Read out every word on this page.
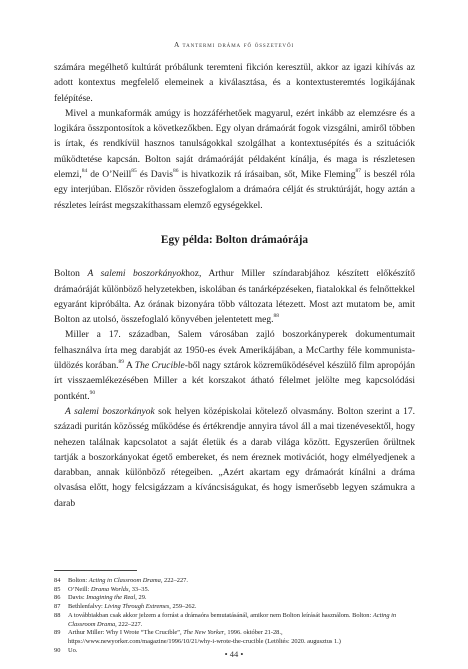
A tantermi dráma fő összetevői

számára megélhető kultúrát próbálunk teremteni fikción keresztül, akkor az igazi kihívás az adott kontextus megfelelő elemeinek a kiválasztása, és a kontextusteremtés logikájának felépítése.

Mivel a munkaformák amúgy is hozzáférhetőek magyarul, ezért inkább az elemzésre és a logikára összpontosítok a következőkben. Egy olyan drámaórát fogok vizsgálni, amiről többen is írtak, és rendkívül hasznos tanulságokkal szolgálhat a kontextusépítés és a szituációk működtetése kapcsán. Bolton saját drámaóráját példaként kínálja, és maga is részletesen elemzi,$^{84}$ de O’Neill$^{85}$ és Davis$^{86}$ is hivatkozik rá írásaiban, sőt, Mike Fleming$^{87}$ is beszél róla egy interjúban. Először röviden összefoglalom a drámaóra célját és struktúráját, hogy aztán a részletes leírást megszakíthassam elemző egységekkel.

Egy példa: Bolton drámaórája

Bolton A salemi boszorkányokhoz, Arthur Miller színdarabjához készített előkészítő drámaóráját különböző helyzetekben, iskolában és tanárképzéseken, fiatalokkal és felnőttekkel egyaránt kipróbálta. Az órának bizonyára több változata létezett. Most azt mutatom be, amit Bolton az utolsó, összefoglaló könyvében jelentetett meg.$^{88}$

Miller a 17. században, Salem városában zajló boszorkányperek dokumentumait felhasználva írta meg darabját az 1950-es évek Amerikájában, a McCarthy féle kommunista-üldözés korában.$^{89}$ A The Crucible-ből nagy sztárok közreműködésével készülő film apropóján írt visszaemlékezésében Miller a két korszakot átható félelmet jelölte meg kapcsolódási pontként.$^{90}$

A salemi boszorkányok sok helyen középiskolai kötelező olvasmány. Bolton szerint a 17. századi puritán közösség működése és értékrendje annyira távol áll a mai tizenévesektől, hogy nehezen találnak kapcsolatot a saját életük és a darab világa között. Egyszerűen őrültnek tartják a boszorkányokat égető embereket, és nem éreznek motivációt, hogy elmélyedjenek a darabban, annak különböző rétegeiben. „Azért akartam egy drámaórát kínálni a dráma olvasása előtt, hogy felcsigázzam a kíváncsiságukat, és hogy ismerősebb legyen számukra a darab

84	Bolton: Acting in Classroom Drama, 222–227.
85	O’Neill: Drama Worlds, 33–35.
86	Davis: Imagining the Real, 29.
87	Bethlenfalvy: Living Through Extremes, 259–262.
88	A továbbiakban csak akkor jelzem a forrást a drámaóra bemutatásánál, amikor nem Bolton leírását használom. Bolton: Acting in Classroom Drama, 222–227.
89	Arthur Miller: Why I Wrote “The Crucible”, The New Yorker, 1996. október 21-28., https://www.newyorker.com/magazine/1996/10/21/why-i-wrote-the-crucible (Letöltés: 2020. augusztus 1.)
90	Uo.	• 44 •
